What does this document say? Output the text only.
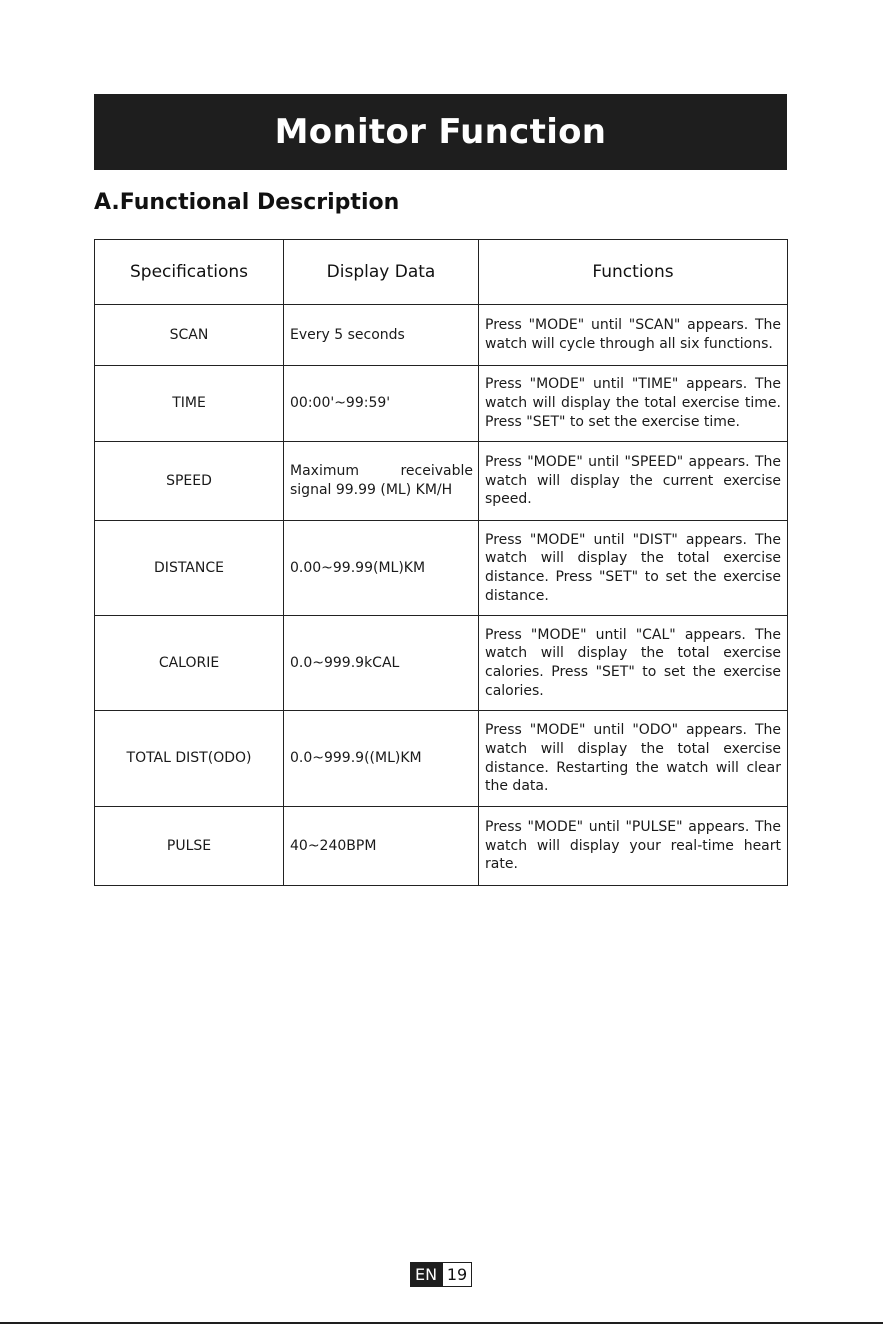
Monitor Function
A.Functional Description
Specifications	Display Data	Functions
SCAN	Every 5 seconds	Press "MODE" until "SCAN" appears. The watch will cycle through all six functions.
TIME	00:00'~99:59'	Press "MODE" until "TIME" appears. The watch will display the total exercise time. Press "SET" to set the exercise time.
SPEED	Maximum receivable signal 99.99 (ML) KM/H	Press "MODE" until "SPEED" appears. The watch will display the current exercise speed.
DISTANCE	0.00~99.99(ML)KM	Press "MODE" until "DIST" appears. The watch will display the total exercise distance. Press "SET" to set the exercise distance.
CALORIE	0.0~999.9kCAL	Press "MODE" until "CAL" appears. The watch will display the total exercise calories. Press "SET" to set the exercise calories.
TOTAL DIST(ODO)	0.0~999.9((ML)KM	Press "MODE" until "ODO" appears. The watch will display the total exercise distance. Restarting the watch will clear the data.
PULSE	40~240BPM	Press "MODE" until "PULSE" appears. The watch will display your real-time heart rate.
EN 19
